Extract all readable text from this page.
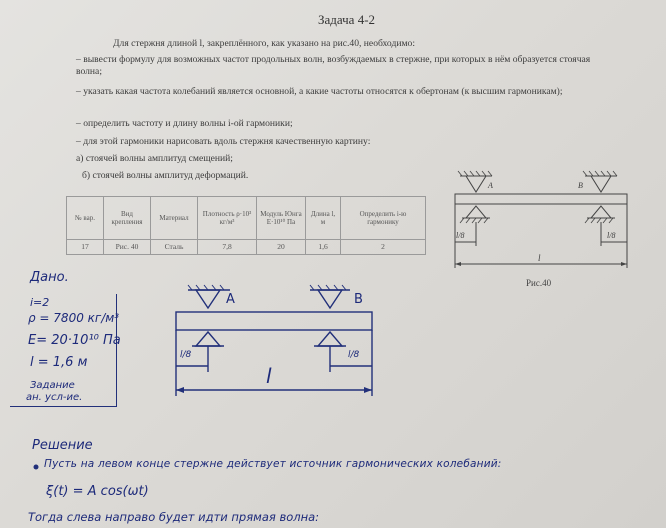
Задача 4-2
Для стержня длиной l, закреплённого, как указано на рис.40, необходимо:
– вывести формулу для возможных частот продольных волн, возбуждаемых в стержне, при которых в нём образуется стоячая волна;
– указать какая частота колебаний является основной, а какие частоты относятся к обертонам (к высшим гармоникам);
– определить частоту и длину волны i-ой гармоники;
– для этой гармоники нарисовать вдоль стержня качественную картину:
а) стоячей волны амплитуд смещений;
б) стоячей волны амплитуд деформаций.
№ вар.	Вид крепления	Материал	Плотность ρ·10³ кг/м³	Модуль Юнга E·10¹⁰ Па	Длина l, м	Определить i-ю гармонику
17	Рис. 40	Сталь	7,8	20	1,6	2
A	B
l/8	l/8
l
Рис.40
Дано.
i=2
ρ = 7800 кг/м³
E= 20·10¹⁰ Па
l = 1,6 м
Задание
ан. усл-ие.
A	B
l/8	l/8
l
Решение
Пусть на левом конце стержне действует источник гармонических колебаний:
ξ(t) = A cos(ωt)
Тогда слева направо будет идти прямая волна:
